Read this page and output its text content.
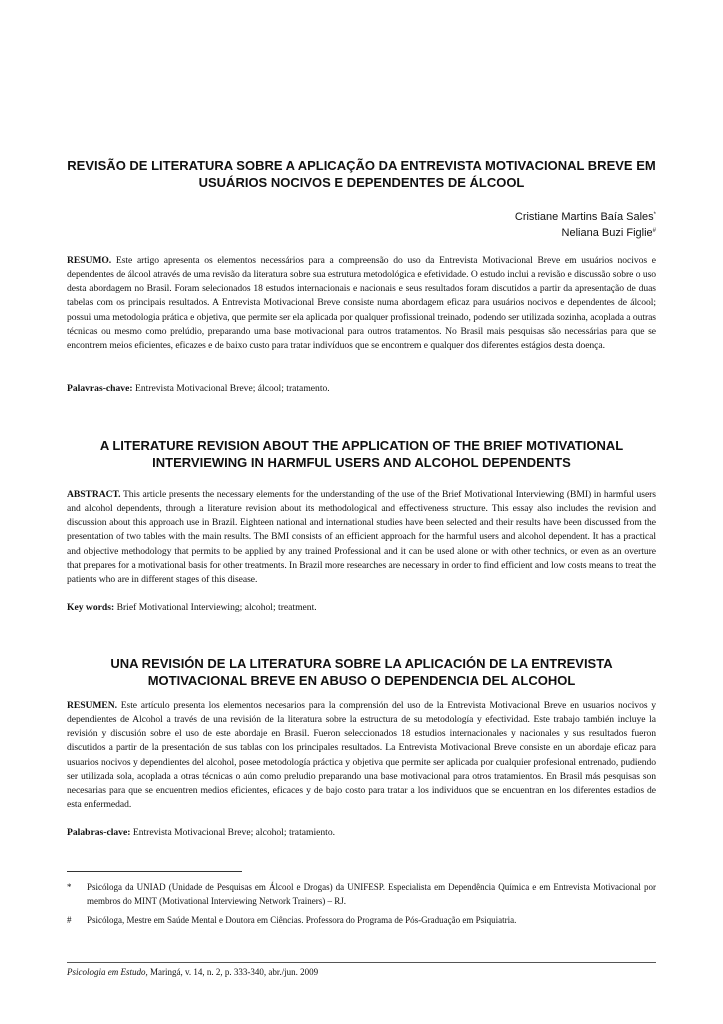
REVISÃO DE LITERATURA SOBRE A APLICAÇÃO DA ENTREVISTA MOTIVACIONAL BREVE EM USUÁRIOS NOCIVOS E DEPENDENTES DE ÁLCOOL
Cristiane Martins Baía Sales*
Neliana Buzi Figlie#

RESUMO. Este artigo apresenta os elementos necessários para a compreensão do uso da Entrevista Motivacional Breve em usuários nocivos e dependentes de álcool através de uma revisão da literatura sobre sua estrutura metodológica e efetividade. O estudo inclui a revisão e discussão sobre o uso desta abordagem no Brasil. Foram selecionados 18 estudos internacionais e nacionais e seus resultados foram discutidos a partir da apresentação de duas tabelas com os principais resultados. A Entrevista Motivacional Breve consiste numa abordagem eficaz para usuários nocivos e dependentes de álcool; possui uma metodologia prática e objetiva, que permite ser ela aplicada por qualquer profissional treinado, podendo ser utilizada sozinha, acoplada a outras técnicas ou mesmo como prelúdio, preparando uma base motivacional para outros tratamentos. No Brasil mais pesquisas são necessárias para que se encontrem meios eficientes, eficazes e de baixo custo para tratar indivíduos que se encontrem e qualquer dos diferentes estágios desta doença.

Palavras-chave: Entrevista Motivacional Breve; álcool; tratamento.

A LITERATURE REVISION ABOUT THE APPLICATION OF THE BRIEF MOTIVATIONAL INTERVIEWING IN HARMFUL USERS AND ALCOHOL DEPENDENTS

ABSTRACT. This article presents the necessary elements for the understanding of the use of the Brief Motivational Interviewing (BMI) in harmful users and alcohol dependents, through a literature revision about its methodological and effectiveness structure. This essay also includes the revision and discussion about this approach use in Brazil. Eighteen national and international studies have been selected and their results have been discussed from the presentation of two tables with the main results. The BMI consists of an efficient approach for the harmful users and alcohol dependent. It has a practical and objective methodology that permits to be applied by any trained Professional and it can be used alone or with other technics, or even as an overture that prepares for a motivational basis for other treatments. In Brazil more researches are necessary in order to find efficient and low costs means to treat the patients who are in different stages of this disease.

Key words: Brief Motivational Interviewing; alcohol; treatment.

UNA REVISIÓN DE LA LITERATURA SOBRE LA APLICACIÓN DE LA ENTREVISTA MOTIVACIONAL BREVE EN ABUSO O DEPENDENCIA DEL ALCOHOL

RESUMEN. Este artículo presenta los elementos necesarios para la comprensión del uso de la Entrevista Motivacional Breve en usuarios nocivos y dependientes de Alcohol a través de una revisión de la literatura sobre la estructura de su metodología y efectividad. Este trabajo también incluye la revisión y discusión sobre el uso de este abordaje en Brasil. Fueron seleccionados 18 estudios internacionales y nacionales y sus resultados fueron discutidos a partir de la presentación de sus tablas con los principales resultados. La Entrevista Motivacional Breve consiste en un abordaje eficaz para usuarios nocivos y dependientes del alcohol, posee metodología práctica y objetiva que permite ser aplicada por cualquier profesional entrenado, pudiendo ser utilizada sola, acoplada a otras técnicas o aún como preludio preparando una base motivacional para otros tratamientos. En Brasil más pesquisas son necesarias para que se encuentren medios eficientes, eficaces y de bajo costo para tratar a los individuos que se encuentran en los diferentes estadios de esta enfermedad.

Palabras-clave: Entrevista Motivacional Breve; alcohol; tratamiento.

* Psicóloga da UNIAD (Unidade de Pesquisas em Álcool e Drogas) da UNIFESP. Especialista em Dependência Química e em Entrevista Motivacional por membros do MINT (Motivational Interviewing Network Trainers) – RJ.
# Psicóloga, Mestre em Saúde Mental e Doutora em Ciências. Professora do Programa de Pós-Graduação em Psiquiatria.
Psicologia em Estudo, Maringá, v. 14, n. 2, p. 333-340, abr./jun. 2009
